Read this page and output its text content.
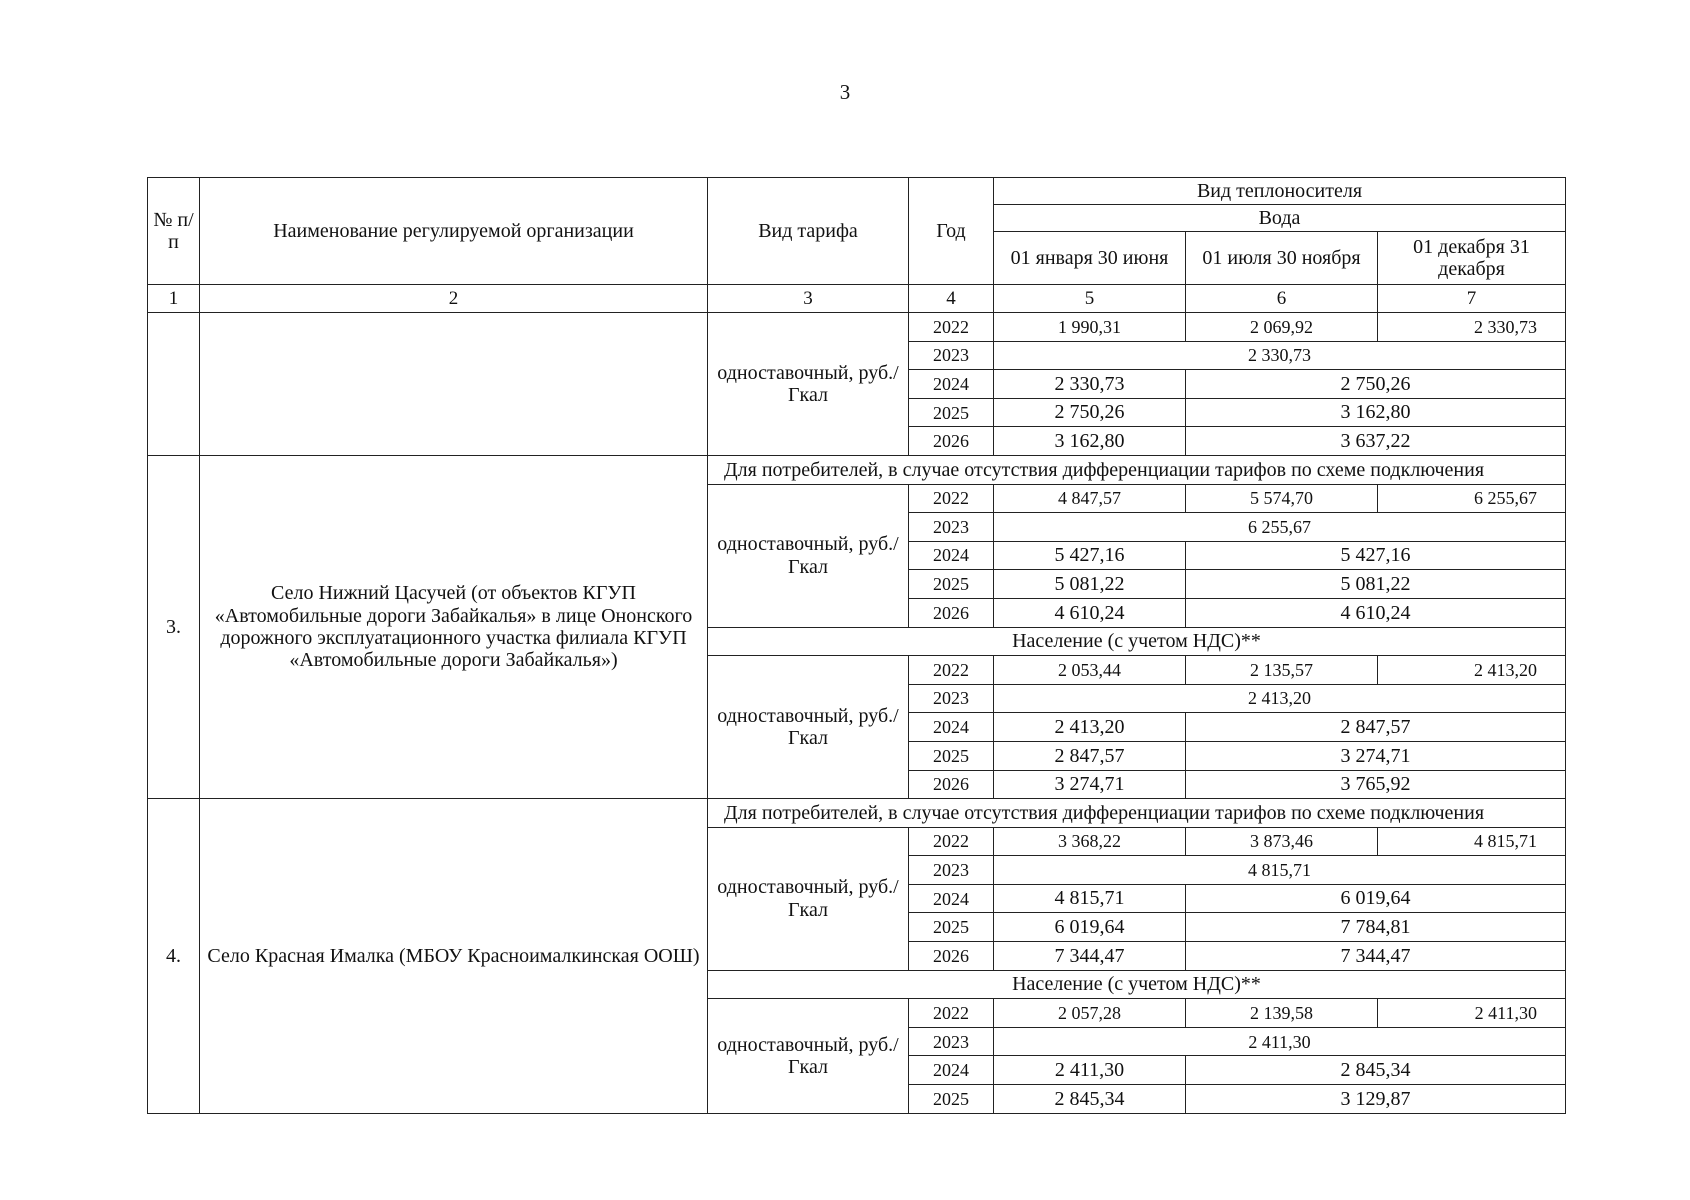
3
№ п/п	Наименование регулируемой организации	Вид тарифа	Год	Вид теплоносителя		
				Вода		
				01 января 30 июня	01 июля 30 ноября	01 декабря 31 декабря
1	2	3	4	5	6	7
		одноставочный, руб./Гкал	2022	1 990,31	2 069,92	2 330,73
			2023	2 330,73		
			2024	2 330,73	2 750,26	
			2025	2 750,26	3 162,80	
			2026	3 162,80	3 637,22	
3.	Село Нижний Цасучей (от объектов КГУП «Автомобильные дороги Забайкалья» в лице Ононского дорожного эксплуатационного участка филиала КГУП «Автомобильные дороги Забайкалья»)	Для потребителей, в случае отсутствия дифференциации тарифов по схеме подключения				
		одноставочный, руб./Гкал	2022	4 847,57	5 574,70	6 255,67
			2023	6 255,67		
			2024	5 427,16	5 427,16	
			2025	5 081,22	5 081,22	
			2026	4 610,24	4 610,24	
		Население (с учетом НДС)**				
		одноставочный, руб./Гкал	2022	2 053,44	2 135,57	2 413,20
			2023	2 413,20		
			2024	2 413,20	2 847,57	
			2025	2 847,57	3 274,71	
			2026	3 274,71	3 765,92	
4.	Село Красная Ималка (МБОУ Красноималкинская ООШ)	Для потребителей, в случае отсутствия дифференциации тарифов по схеме подключения				
		одноставочный, руб./Гкал	2022	3 368,22	3 873,46	4 815,71
			2023	4 815,71		
			2024	4 815,71	6 019,64	
			2025	6 019,64	7 784,81	
			2026	7 344,47	7 344,47	
		Население (с учетом НДС)**				
		одноставочный, руб./Гкал	2022	2 057,28	2 139,58	2 411,30
			2023	2 411,30		
			2024	2 411,30	2 845,34	
			2025	2 845,34	3 129,87	
